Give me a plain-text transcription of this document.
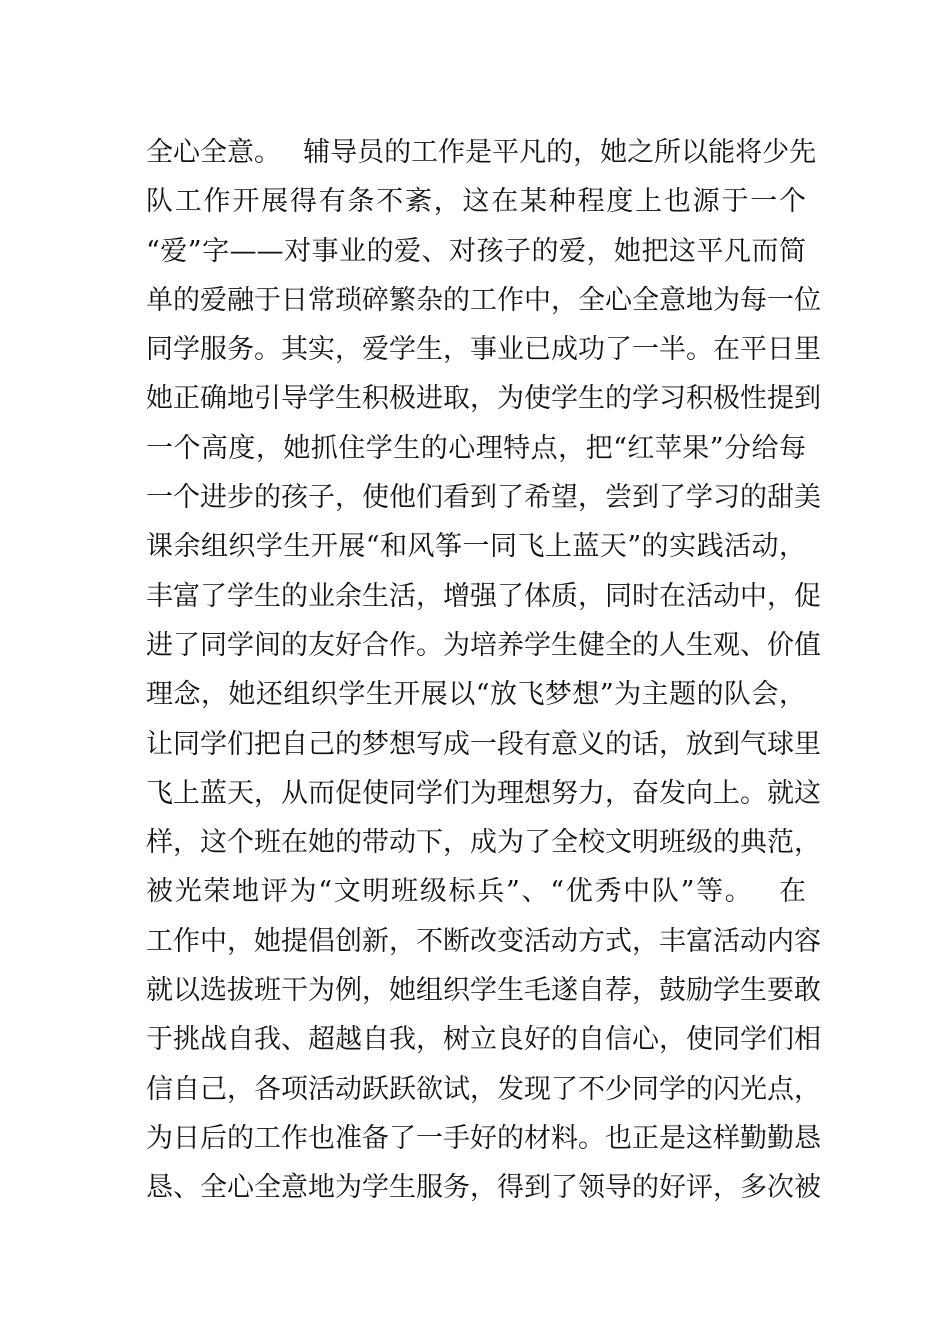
全心全意。　 辅导员的工作是平凡的，她之所以能将少先
队工作开展得有条不紊，这在某种程度上也源于一个
“爱”字——对事业的爱、对孩子的爱，她把这平凡而简
单的爱融于日常琐碎繁杂的工作中，全心全意地为每一位
同学服务。其实，爱学生，事业已成功了一半。在平日里
她正确地引导学生积极进取，为使学生的学习积极性提到
一个高度，她抓住学生的心理特点，把“红苹果”分给每
一个进步的孩子，使他们看到了希望，尝到了学习的甜美
课余组织学生开展“和风筝一同飞上蓝天”的实践活动，
丰富了学生的业余生活，增强了体质，同时在活动中，促
进了同学间的友好合作。为培养学生健全的人生观、价值
理念，她还组织学生开展以“放飞梦想”为主题的队会，
让同学们把自己的梦想写成一段有意义的话，放到气球里
飞上蓝天，从而促使同学们为理想努力，奋发向上。就这
样，这个班在她的带动下，成为了全校文明班级的典范，
被光荣地评为“文明班级标兵”、“优秀中队”等。　 在
工作中，她提倡创新，不断改变活动方式，丰富活动内容
就以选拔班干为例，她组织学生毛遂自荐，鼓励学生要敢
于挑战自我、超越自我，树立良好的自信心，使同学们相
信自己，各项活动跃跃欲试，发现了不少同学的闪光点，
为日后的工作也准备了一手好的材料。也正是这样勤勤恳
恳、全心全意地为学生服务，得到了领导的好评，多次被
